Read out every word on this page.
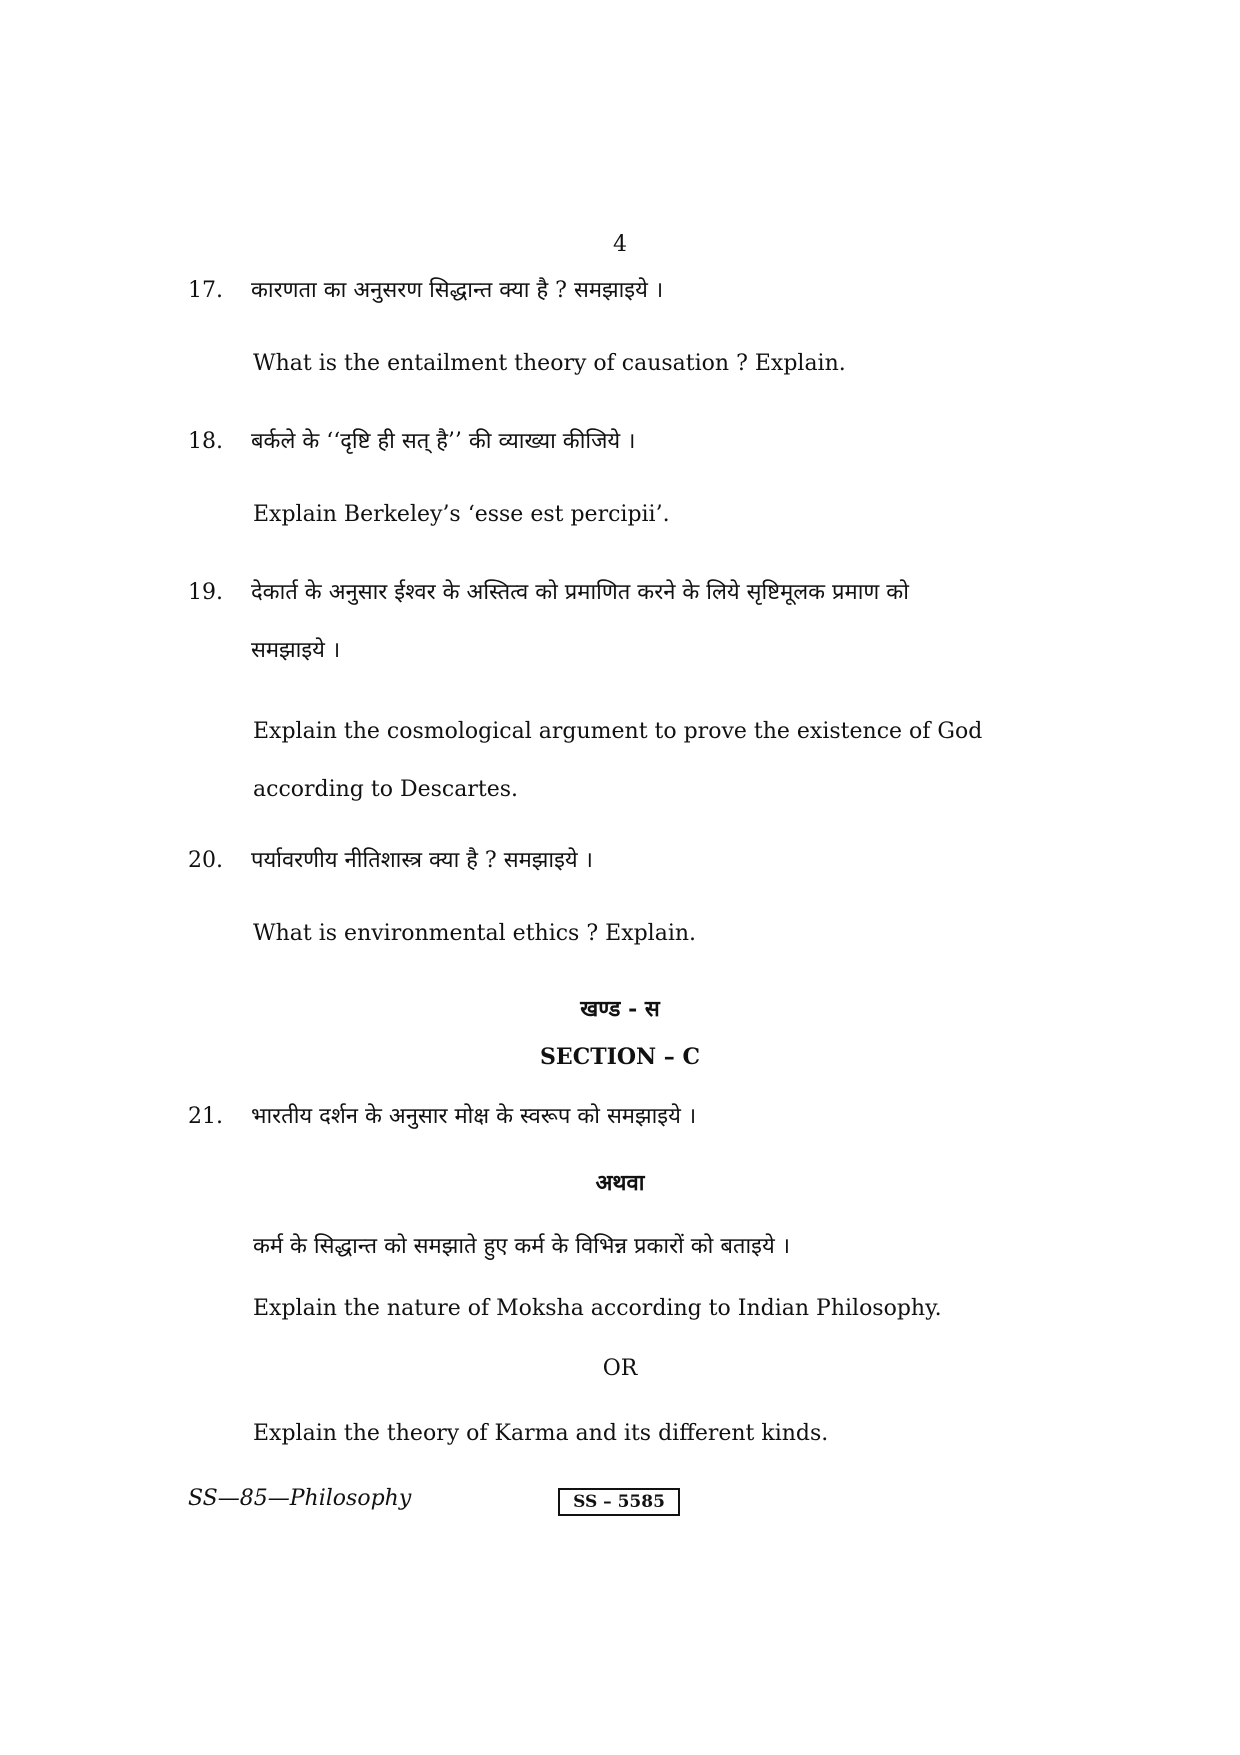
4
17.	कारणता का अनुसरण सिद्धान्त क्या है ? समझाइये ।
What is the entailment theory of causation ? Explain.
18.	बर्कले के ‘‘दृष्टि ही सत् है’’ की व्याख्या कीजिये ।
Explain Berkeley’s ‘esse est percipii’.
19.	देकार्त के अनुसार ईश्वर के अस्तित्व को प्रमाणित करने के लिये सृष्टिमूलक प्रमाण को
समझाइये ।
Explain the cosmological argument to prove the existence of God
according to Descartes.
20.	पर्यावरणीय नीतिशास्त्र क्या है ? समझाइये ।
What is environmental ethics ? Explain.
खण्ड - स
SECTION – C
21.	भारतीय दर्शन के अनुसार मोक्ष के स्वरूप को समझाइये ।
अथवा
कर्म के सिद्धान्त को समझाते हुए कर्म के विभिन्न प्रकारों को बताइये ।
Explain the nature of Moksha according to Indian Philosophy.
OR
Explain the theory of Karma and its different kinds.
SS—85—Philosophy	SS – 5585
